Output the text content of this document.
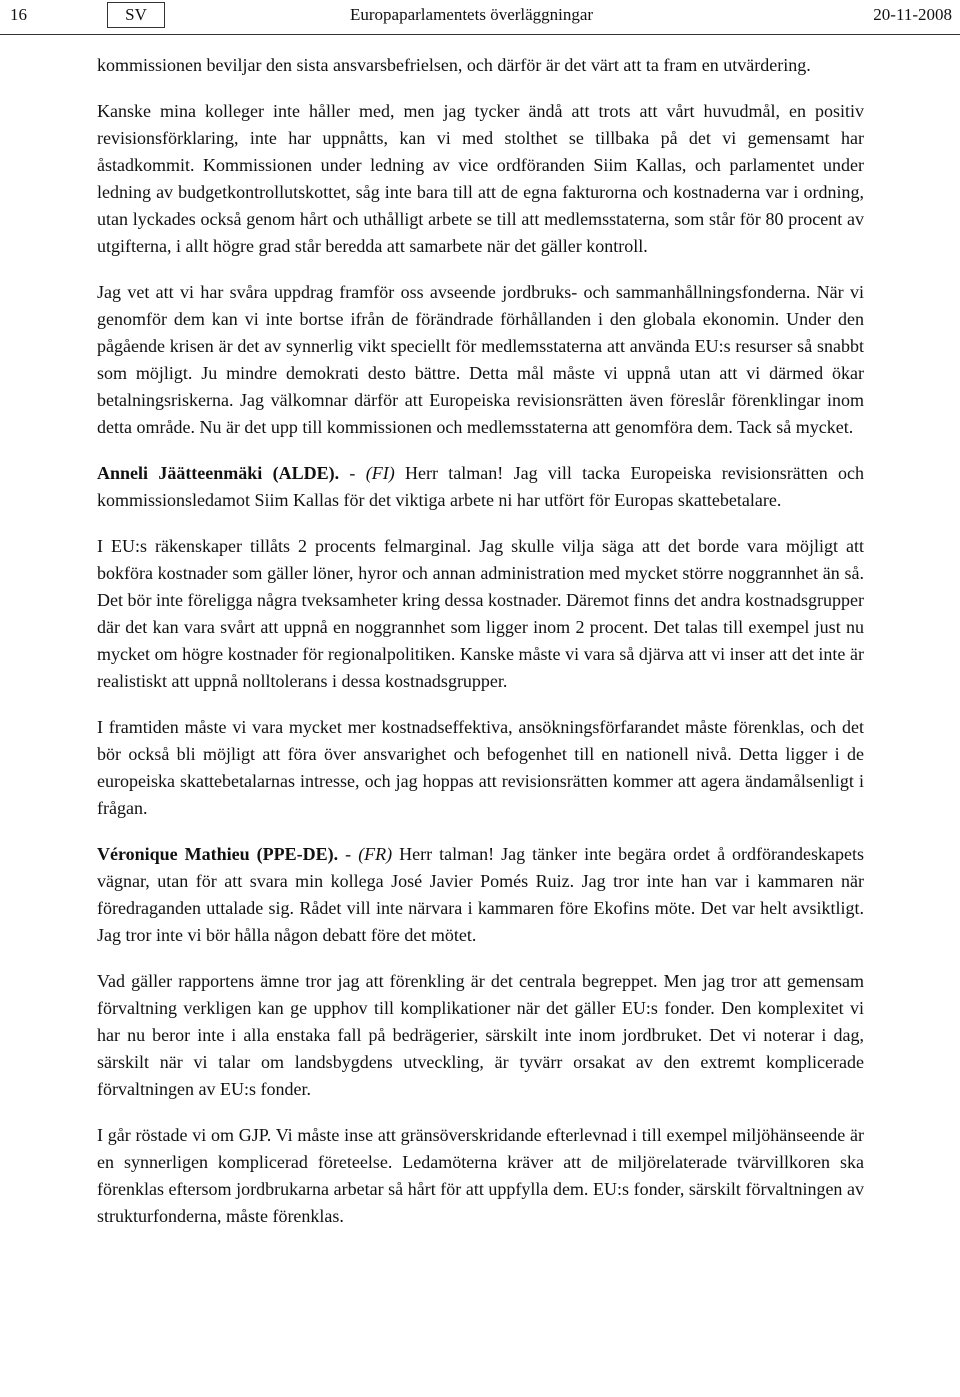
16	SV	Europaparlamentets överläggningar	20-11-2008

kommissionen beviljar den sista ansvarsbefrielsen, och därför är det värt att ta fram en utvärdering.

Kanske mina kolleger inte håller med, men jag tycker ändå att trots att vårt huvudmål, en positiv revisionsförklaring, inte har uppnåtts, kan vi med stolthet se tillbaka på det vi gemensamt har åstadkommit. Kommissionen under ledning av vice ordföranden Siim Kallas, och parlamentet under ledning av budgetkontrollutskottet, såg inte bara till att de egna fakturorna och kostnaderna var i ordning, utan lyckades också genom hårt och uthålligt arbete se till att medlemsstaterna, som står för 80 procent av utgifterna, i allt högre grad står beredda att samarbete när det gäller kontroll.

Jag vet att vi har svåra uppdrag framför oss avseende jordbruks- och sammanhållningsfonderna. När vi genomför dem kan vi inte bortse ifrån de förändrade förhållanden i den globala ekonomin. Under den pågående krisen är det av synnerlig vikt speciellt för medlemsstaterna att använda EU:s resurser så snabbt som möjligt. Ju mindre demokrati desto bättre. Detta mål måste vi uppnå utan att vi därmed ökar betalningsriskerna. Jag välkomnar därför att Europeiska revisionsrätten även föreslår förenklingar inom detta område. Nu är det upp till kommissionen och medlemsstaterna att genomföra dem. Tack så mycket.

Anneli Jäätteenmäki (ALDE). - (FI) Herr talman! Jag vill tacka Europeiska revisionsrätten och kommissionsledamot Siim Kallas för det viktiga arbete ni har utfört för Europas skattebetalare.

I EU:s räkenskaper tillåts 2 procents felmarginal. Jag skulle vilja säga att det borde vara möjligt att bokföra kostnader som gäller löner, hyror och annan administration med mycket större noggrannhet än så. Det bör inte föreligga några tveksamheter kring dessa kostnader. Däremot finns det andra kostnadsgrupper där det kan vara svårt att uppnå en noggrannhet som ligger inom 2 procent. Det talas till exempel just nu mycket om högre kostnader för regionalpolitiken. Kanske måste vi vara så djärva att vi inser att det inte är realistiskt att uppnå nolltolerans i dessa kostnadsgrupper.

I framtiden måste vi vara mycket mer kostnadseffektiva, ansökningsförfarandet måste förenklas, och det bör också bli möjligt att föra över ansvarighet och befogenhet till en nationell nivå. Detta ligger i de europeiska skattebetalarnas intresse, och jag hoppas att revisionsrätten kommer att agera ändamålsenligt i frågan.

Véronique Mathieu (PPE-DE). - (FR) Herr talman! Jag tänker inte begära ordet å ordförandeskapets vägnar, utan för att svara min kollega José Javier Pomés Ruiz. Jag tror inte han var i kammaren när föredraganden uttalade sig. Rådet vill inte närvara i kammaren före Ekofins möte. Det var helt avsiktligt. Jag tror inte vi bör hålla någon debatt före det mötet.

Vad gäller rapportens ämne tror jag att förenkling är det centrala begreppet. Men jag tror att gemensam förvaltning verkligen kan ge upphov till komplikationer när det gäller EU:s fonder. Den komplexitet vi har nu beror inte i alla enstaka fall på bedrägerier, särskilt inte inom jordbruket. Det vi noterar i dag, särskilt när vi talar om landsbygdens utveckling, är tyvärr orsakat av den extremt komplicerade förvaltningen av EU:s fonder.

I går röstade vi om GJP. Vi måste inse att gränsöverskridande efterlevnad i till exempel miljöhänseende är en synnerligen komplicerad företeelse. Ledamöterna kräver att de miljörelaterade tvärvillkoren ska förenklas eftersom jordbrukarna arbetar så hårt för att uppfylla dem. EU:s fonder, särskilt förvaltningen av strukturfonderna, måste förenklas.
